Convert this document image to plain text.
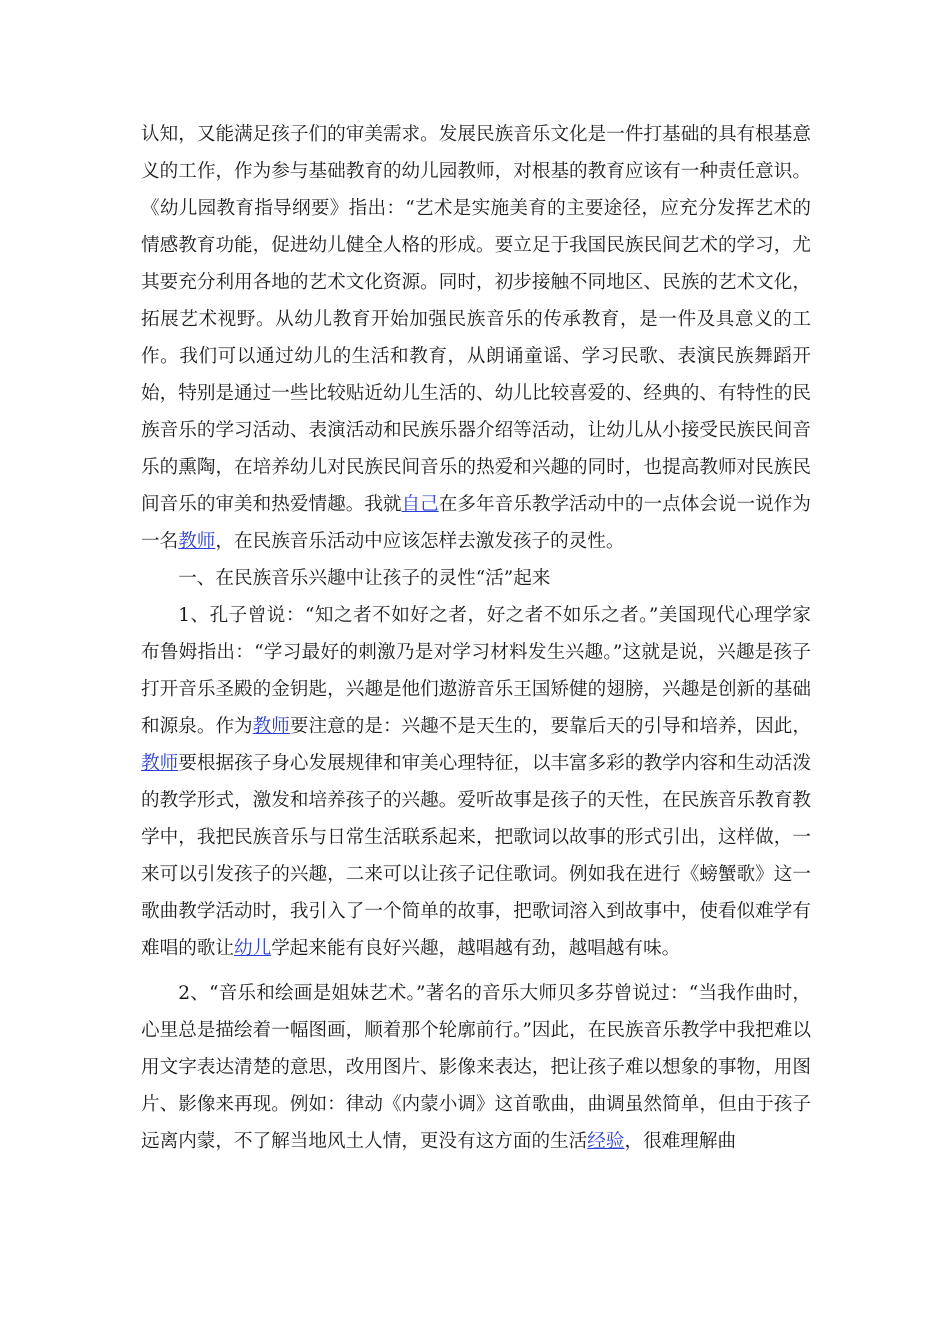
认知，又能满足孩子们的审美需求。发展民族音乐文化是一件打基础的具有根基意义的工作，作为参与基础教育的幼儿园教师，对根基的教育应该有一种责任意识。《幼儿园教育指导纲要》指出：“艺术是实施美育的主要途径，应充分发挥艺术的情感教育功能，促进幼儿健全人格的形成。要立足于我国民族民间艺术的学习，尤其要充分利用各地的艺术文化资源。同时，初步接触不同地区、民族的艺术文化，拓展艺术视野。从幼儿教育开始加强民族音乐的传承教育，是一件及具意义的工作。我们可以通过幼儿的生活和教育，从朗诵童谣、学习民歌、表演民族舞蹈开始，特别是通过一些比较贴近幼儿生活的、幼儿比较喜爱的、经典的、有特性的民族音乐的学习活动、表演活动和民族乐器介绍等活动，让幼儿从小接受民族民间音乐的熏陶，在培养幼儿对民族民间音乐的热爱和兴趣的同时，也提高教师对民族民间音乐的审美和热爱情趣。我就自己在多年音乐教学活动中的一点体会说一说作为一名教师，在民族音乐活动中应该怎样去激发孩子的灵性。

一、在民族音乐兴趣中让孩子的灵性“活”起来

1、孔子曾说：“知之者不如好之者，好之者不如乐之者。”美国现代心理学家布鲁姆指出：“学习最好的刺激乃是对学习材料发生兴趣。”这就是说，兴趣是孩子打开音乐圣殿的金钥匙，兴趣是他们遨游音乐王国矫健的翅膀，兴趣是创新的基础和源泉。作为教师要注意的是：兴趣不是天生的，要靠后天的引导和培养，因此，教师要根据孩子身心发展规律和审美心理特征，以丰富多彩的教学内容和生动活泼的教学形式，激发和培养孩子的兴趣。爱听故事是孩子的天性，在民族音乐教育教学中，我把民族音乐与日常生活联系起来，把歌词以故事的形式引出，这样做，一来可以引发孩子的兴趣，二来可以让孩子记住歌词。例如我在进行《螃蟹歌》这一歌曲教学活动时，我引入了一个简单的故事，把歌词溶入到故事中，使看似难学有难唱的歌让幼儿学起来能有良好兴趣，越唱越有劲，越唱越有味。

2、“音乐和绘画是姐妹艺术。”著名的音乐大师贝多芬曾说过：“当我作曲时，心里总是描绘着一幅图画，顺着那个轮廓前行。”因此，在民族音乐教学中我把难以用文字表达清楚的意思，改用图片、影像来表达，把让孩子难以想象的事物，用图片、影像来再现。例如：律动《内蒙小调》这首歌曲，曲调虽然简单，但由于孩子远离内蒙，不了解当地风土人情，更没有这方面的生活经验，很难理解曲
